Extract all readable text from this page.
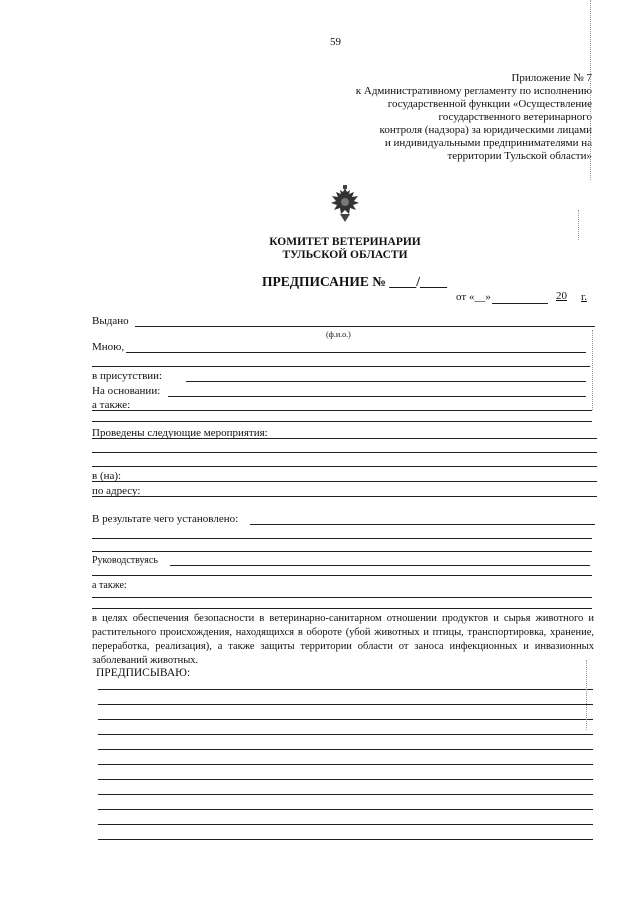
59
Приложение № 7
к Административному регламенту по исполнению
государственной функции «Осуществление
государственного ветеринарного
контроля (надзора) за юридическими лицами
и индивидуальными предпринимателями на
территории Тульской области»
КОМИТЕТ ВЕТЕРИНАРИИ
ТУЛЬСКОЙ ОБЛАСТИ
ПРЕДПИСАНИЕ № ____/____
от «__»	20 г.
Выдано
(ф.и.о.)
Мною,
в присутствии:
На основании:
а также:
Проведены следующие мероприятия:
в (на):
по адресу:
В результате чего установлено:
Руководствуясь
а также:
в целях обеспечения безопасности в ветеринарно-санитарном отношении продуктов и сырья животного и растительного происхождения, находящихся в обороте (убой животных и птицы, транспортировка, хранение, переработка, реализация), а также защиты территории области от заноса инфекционных и инвазионных заболеваний животных.
ПРЕДПИСЫВАЮ:
